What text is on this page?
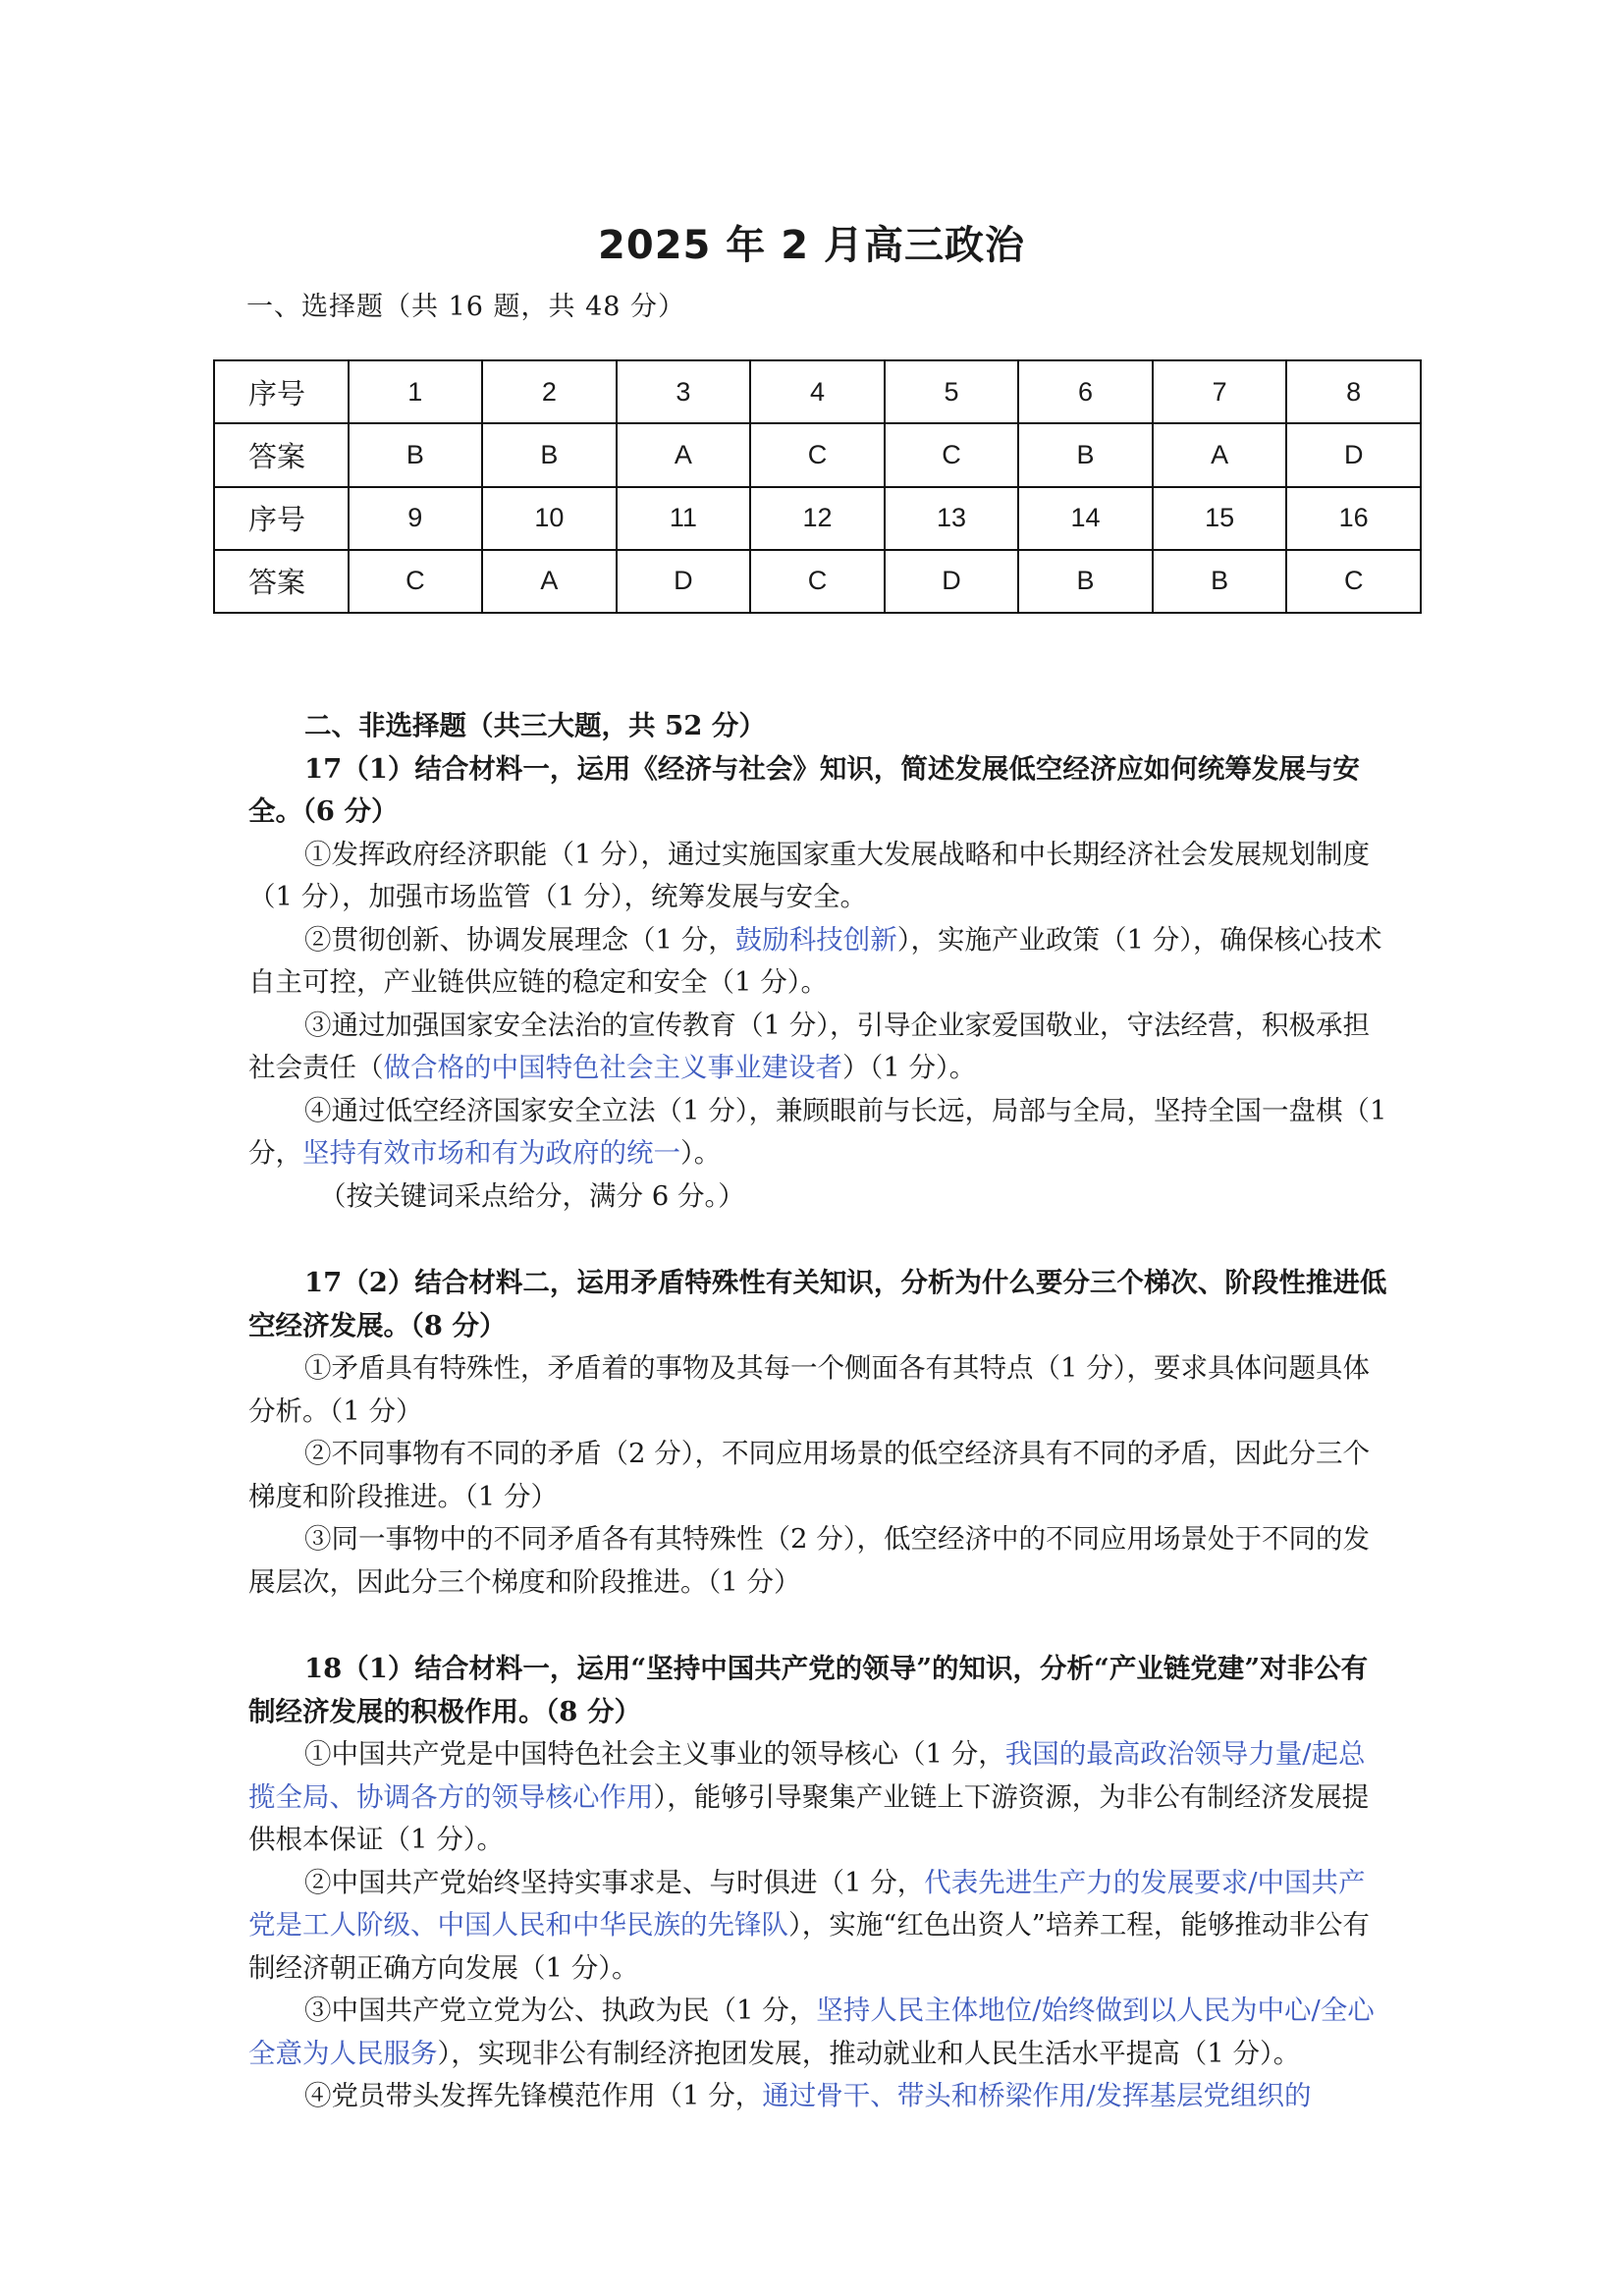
2025 年 2 月高三政治
一、选择题（共 16 题，共 48 分）
序号	1	2	3	4	5	6	7	8
答案	B	B	A	C	C	B	A	D
序号	9	10	11	12	13	14	15	16
答案	C	A	D	C	D	B	B	C

二、非选择题（共三大题，共 52 分）

17（1）结合材料一，运用《经济与社会》知识，简述发展低空经济应如何统筹发展与安全。（6 分）

①发挥政府经济职能（1 分），通过实施国家重大发展战略和中长期经济社会发展规划制度（1 分），加强市场监管（1 分），统筹发展与安全。

②贯彻创新、协调发展理念（1 分，鼓励科技创新），实施产业政策（1 分），确保核心技术自主可控，产业链供应链的稳定和安全（1 分）。

③通过加强国家安全法治的宣传教育（1 分），引导企业家爱国敬业，守法经营，积极承担社会责任（做合格的中国特色社会主义事业建设者）（1 分）。

④通过低空经济国家安全立法（1 分），兼顾眼前与长远，局部与全局，坚持全国一盘棋（1 分，坚持有效市场和有为政府的统一）。

（按关键词采点给分，满分 6 分。）

17（2）结合材料二，运用矛盾特殊性有关知识，分析为什么要分三个梯次、阶段性推进低空经济发展。（8 分）

①矛盾具有特殊性，矛盾着的事物及其每一个侧面各有其特点（1 分），要求具体问题具体分析。（1 分）

②不同事物有不同的矛盾（2 分），不同应用场景的低空经济具有不同的矛盾，因此分三个梯度和阶段推进。（1 分）

③同一事物中的不同矛盾各有其特殊性（2 分），低空经济中的不同应用场景处于不同的发展层次，因此分三个梯度和阶段推进。（1 分）

18（1）结合材料一，运用“坚持中国共产党的领导”的知识，分析“产业链党建”对非公有制经济发展的积极作用。（8 分）

①中国共产党是中国特色社会主义事业的领导核心（1 分，我国的最高政治领导力量/起总揽全局、协调各方的领导核心作用），能够引导聚集产业链上下游资源，为非公有制经济发展提供根本保证（1 分）。

②中国共产党始终坚持实事求是、与时俱进（1 分，代表先进生产力的发展要求/中国共产党是工人阶级、中国人民和中华民族的先锋队），实施“红色出资人”培养工程，能够推动非公有制经济朝正确方向发展（1 分）。

③中国共产党立党为公、执政为民（1 分，坚持人民主体地位/始终做到以人民为中心/全心全意为人民服务），实现非公有制经济抱团发展，推动就业和人民生活水平提高（1 分）。

④党员带头发挥先锋模范作用（1 分，通过骨干、带头和桥梁作用/发挥基层党组织的
